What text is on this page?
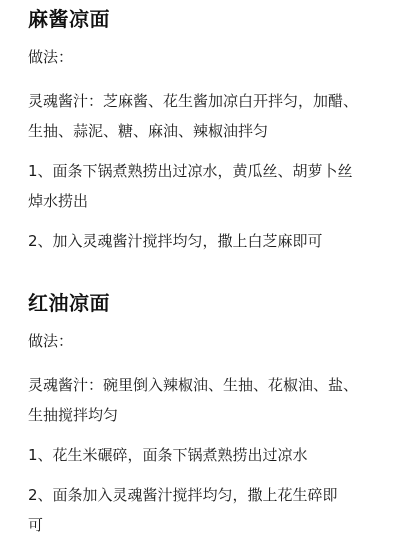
麻酱凉面

做法：

灵魂酱汁：芝麻酱、花生酱加凉白开拌匀，加醋、

生抽、蒜泥、糖、麻油、辣椒油拌匀

1、面条下锅煮熟捞出过凉水，黄瓜丝、胡萝卜丝

焯水捞出

2、加入灵魂酱汁搅拌均匀，撒上白芝麻即可

红油凉面

做法：

灵魂酱汁：碗里倒入辣椒油、生抽、花椒油、盐、

生抽搅拌均匀

1、花生米碾碎，面条下锅煮熟捞出过凉水

2、面条加入灵魂酱汁搅拌均匀，撒上花生碎即

可
